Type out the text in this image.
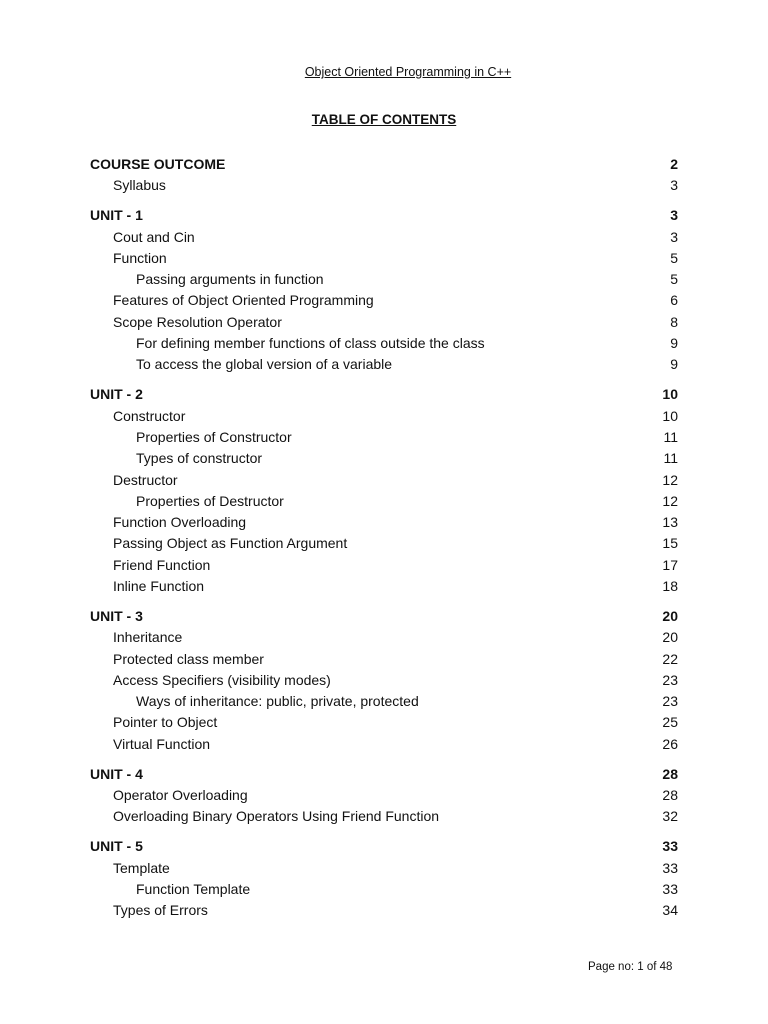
Object Oriented Programming in C++
TABLE OF CONTENTS
COURSE OUTCOME	2
Syllabus	3
UNIT - 1	3
Cout and Cin	3
Function	5
Passing arguments in function	5
Features of Object Oriented Programming	6
Scope Resolution Operator	8
For defining member functions of class outside the class	9
To access the global version of a variable	9
UNIT - 2	10
Constructor	10
Properties of Constructor	11
Types of constructor	11
Destructor	12
Properties of Destructor	12
Function Overloading	13
Passing Object as Function Argument	15
Friend Function	17
Inline Function	18
UNIT - 3	20
Inheritance	20
Protected class member	22
Access Specifiers (visibility modes)	23
Ways of inheritance: public, private, protected	23
Pointer to Object	25
Virtual Function	26
UNIT - 4	28
Operator Overloading	28
Overloading Binary Operators Using Friend Function	32
UNIT - 5	33
Template	33
Function Template	33
Types of Errors	34
Page no: 1 of 48
